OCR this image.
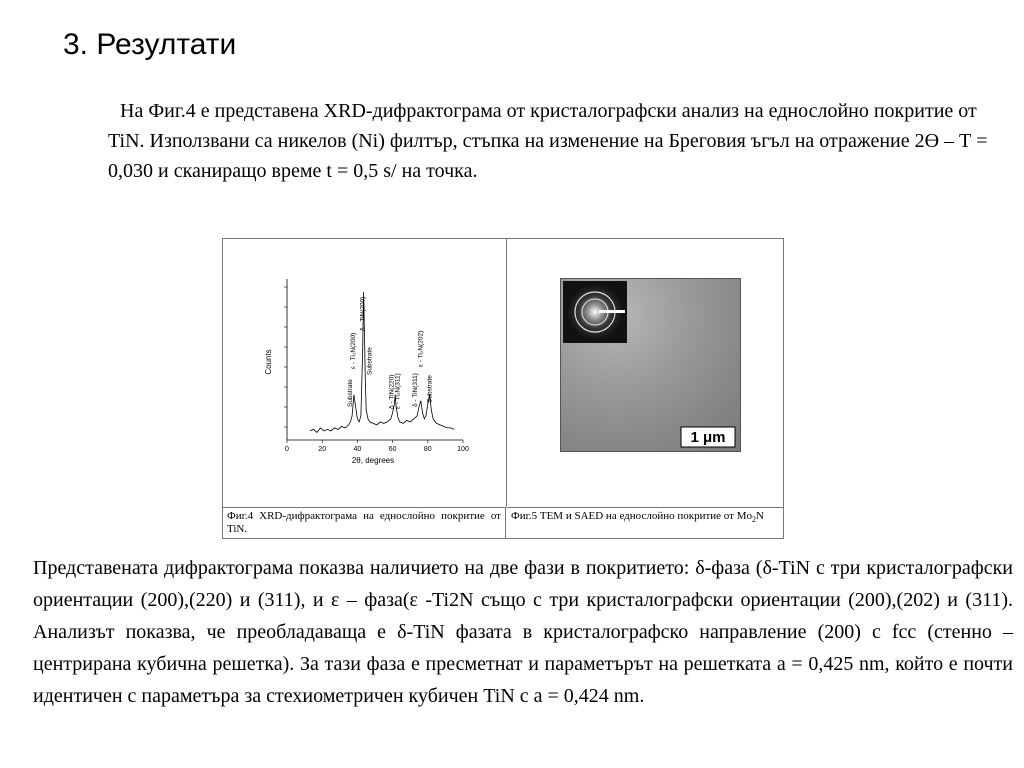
3. Резултати

На Фиг.4 е представена XRD-дифрактограма от кристалографски анализ на еднослойно покритие от TiN. Използвани са никелов (Ni) филтър, стъпка на изменение на Бреговия ъгъл на отражение 2ϴ – Т = 0,030 и сканиращо време t = 0,5 s/ на точка.

0	20	40	60	80	100
2θ, degrees
Counts
Substrate
ε - Ti₂N(200)
δ - TiN(200)
Substrate
δ - TiN(220) ε - Ti₂N(311) δ - TiN(311)
ε - Ti₂N(202)
Substrate
Фиг.4 XRD-дифрактограма на еднослойно покритие от TiN.
Фиг.5 TEM и SAED на еднослойно покритие от $Mo_2N$
1 μm

Представената дифрактограма показва наличието на две фази в покритието: δ-фаза (δ-TiN с три кристалографски ориентации (200),(220) и (311), и ɛ – фаза(ɛ -Ti2N също с три кристалографски ориентации (200),(202) и (311). Анализът показва, че преобладаваща е δ-TiN фазата в кристалографско направление (200) с fcc (стенно – центрирана кубична решетка). За тази фаза е пресметнат и параметърът на решетката а = 0,425 nm, който е почти идентичен с параметъра за стехиометричен кубичен TiN с а = 0,424 nm.
